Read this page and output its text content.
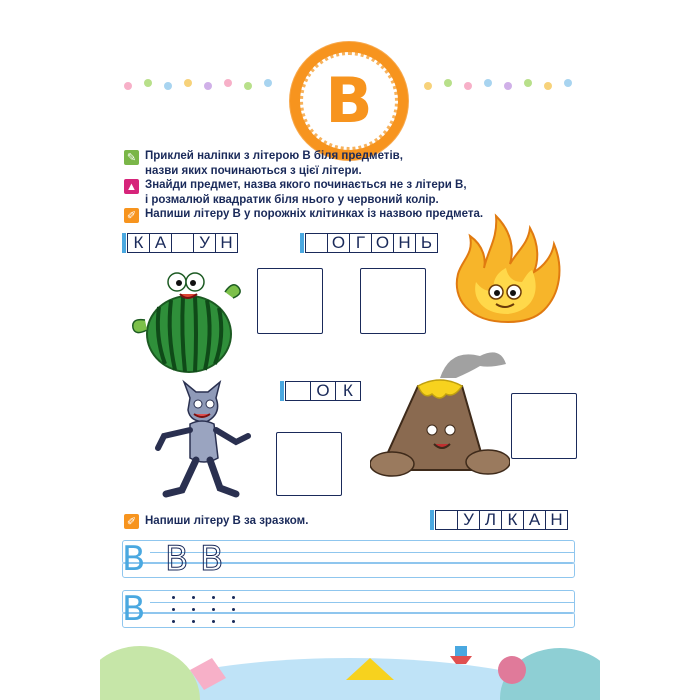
В
✎ Приклей наліпки з літерою В біля предметів,
назви яких починаються з цієї літери.
▲ Знайди предмет, назва якого починається не з літери В,
і розмалюй квадратик біля нього у червоний колір.
✐ Напиши літеру В у порожніх клітинках із назвою предмета.
К А	У Н	О Г О Н Ь
О К
✐ Напиши літеру В за зразком.	У Л К А Н
В В В
В
